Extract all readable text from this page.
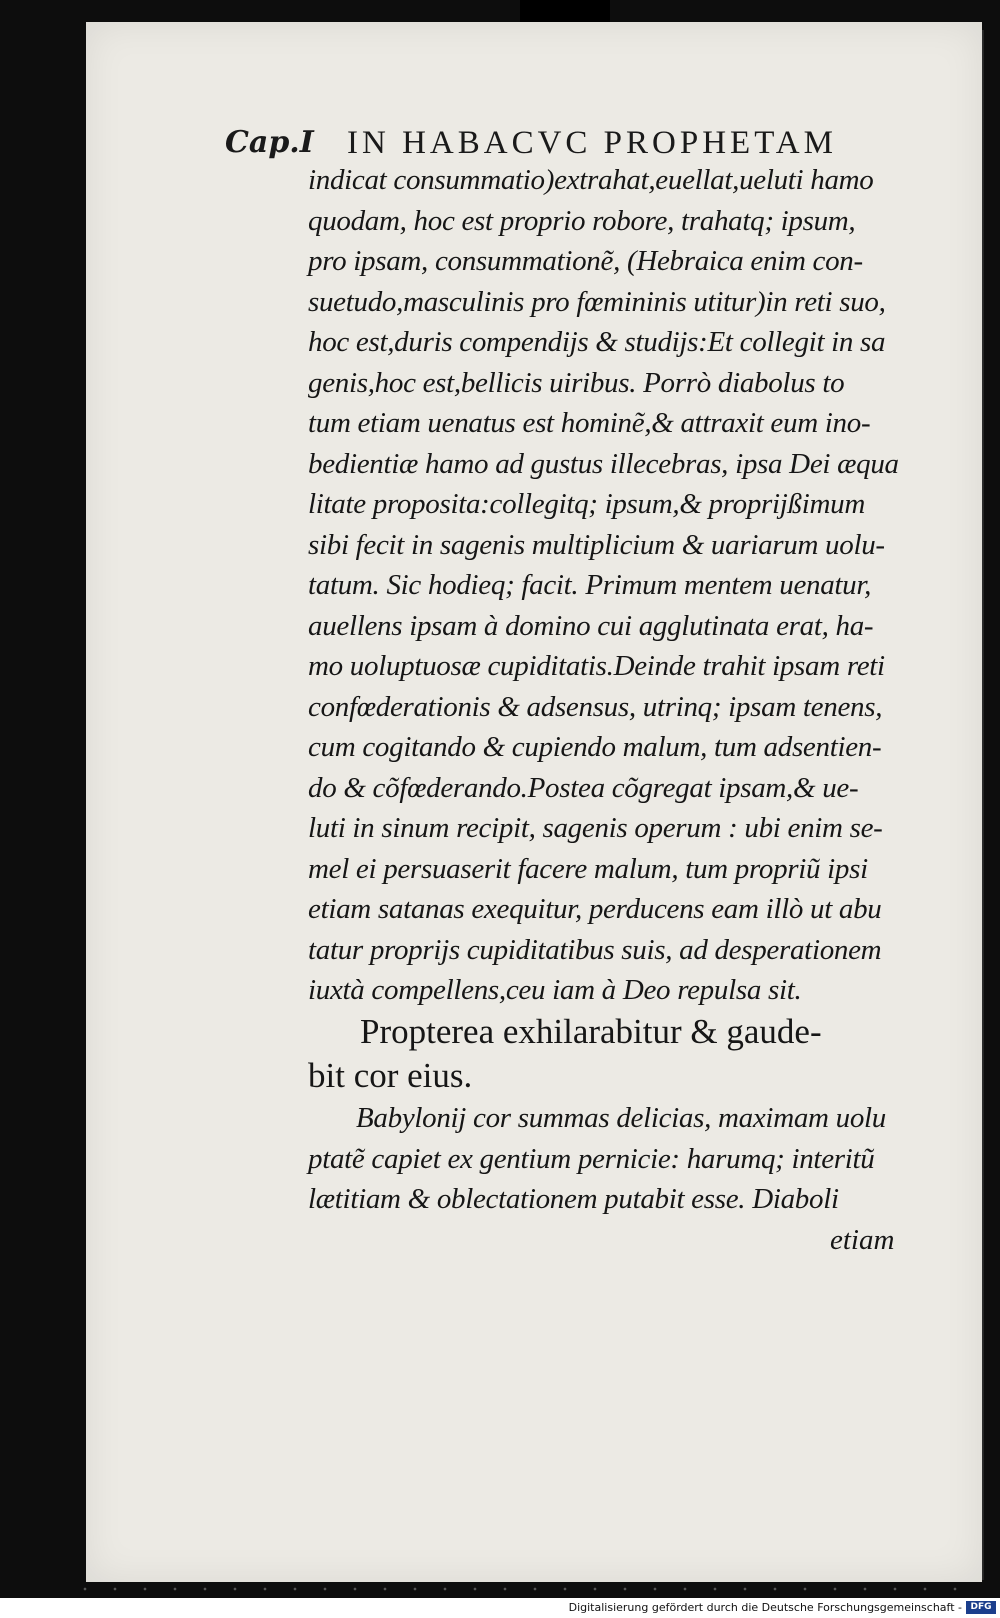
Cap.I IN HABACVC PROPHETAM
indicat consummatio)extrahat,euellat,ueluti hamo
quodam, hoc est proprio robore, trahatq; ipsum,
pro ipsam, consummationẽ, (Hebraica enim con-
suetudo,masculinis pro fœmininis utitur)in reti suo,
hoc est,duris compendijs & studijs:Et collegit in sa
genis,hoc est,bellicis uiribus. Porrò diabolus to
tum etiam uenatus est hominẽ,& attraxit eum ino-
bedientiæ hamo ad gustus illecebras, ipsa Dei æqua
litate proposita:collegitq; ipsum,& proprijßimum
sibi fecit in sagenis multiplicium & uariarum uolu-
tatum. Sic hodieq; facit. Primum mentem uenatur,
auellens ipsam à domino cui agglutinata erat, ha-
mo uoluptuosæ cupiditatis.Deinde trahit ipsam reti
confœderationis & adsensus, utrinq; ipsam tenens,
cum cogitando & cupiendo malum, tum adsentien-
do & cõfœderando.Postea cõgregat ipsam,& ue-
luti in sinum recipit, sagenis operum : ubi enim se-
mel ei persuaserit facere malum, tum propriũ ipsi
etiam satanas exequitur, perducens eam illò ut abu
tatur proprijs cupiditatibus suis, ad desperationem
iuxtà compellens,ceu iam à Deo repulsa sit.
Propterea exhilarabitur & gaude-
bit cor eius.
Babylonij cor summas delicias, maximam uolu
ptatẽ capiet ex gentium pernicie: harumq; interitũ
lætitiam & oblectationem putabit esse. Diaboli
etiam
Digitalisierung gefördert durch die Deutsche Forschungsgemeinschaft - DFG
